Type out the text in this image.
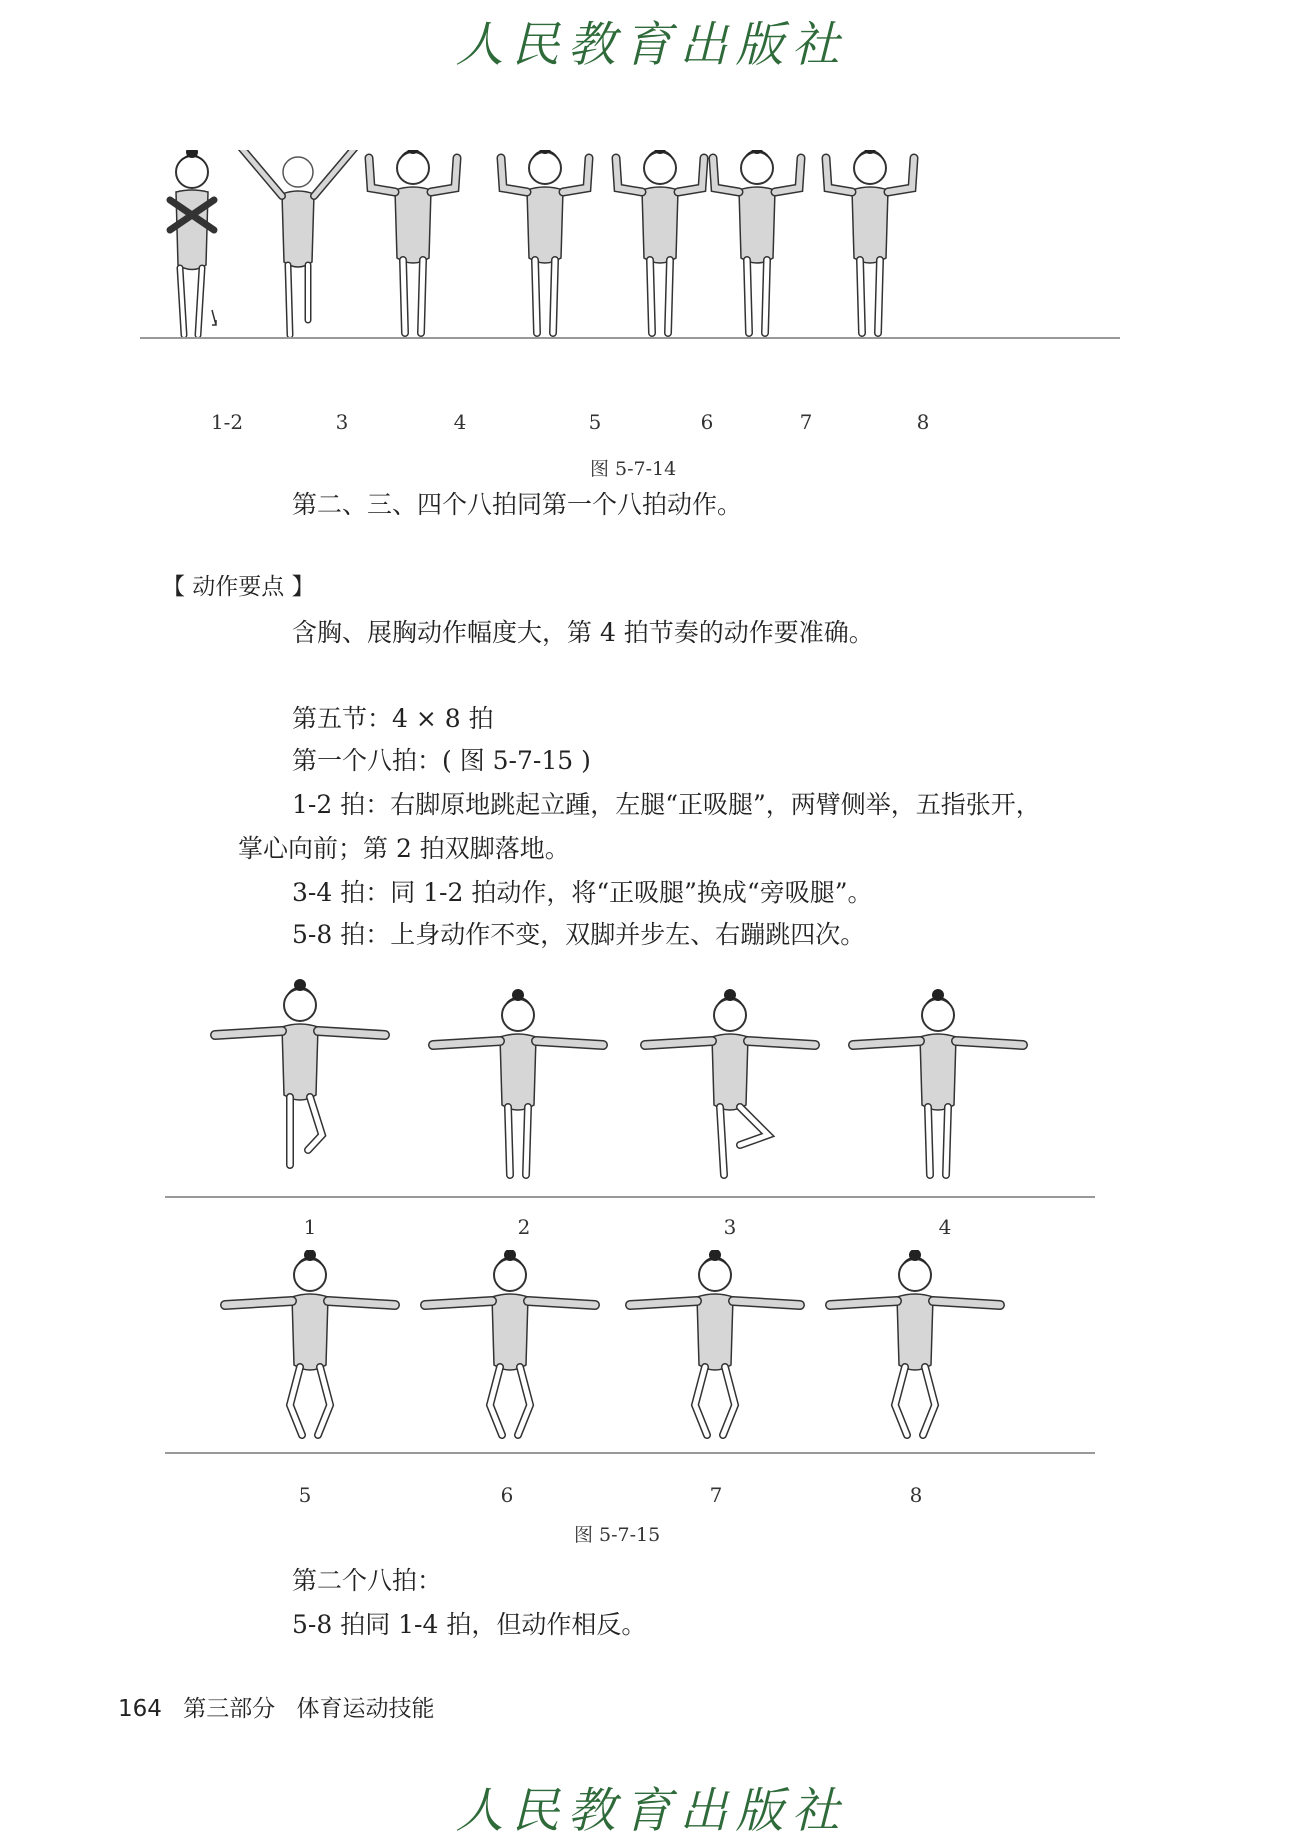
人民教育出版社
1-2	3	4	5	6	7	8
图 5-7-14
第二、三、四个八拍同第一个八拍动作。
【 动作要点 】
含胸、展胸动作幅度大，第 4 拍节奏的动作要准确。
第五节：4 × 8 拍
第一个八拍：( 图 5-7-15 )
1-2 拍：右脚原地跳起立踵，左腿“正吸腿”，两臂侧举，五指张开，
掌心向前；第 2 拍双脚落地。
3-4 拍：同 1-2 拍动作，将“正吸腿”换成“旁吸腿”。
5-8 拍：上身动作不变，双脚并步左、右蹦跳四次。
1	2	3	4
5	6	7	8
图 5-7-15
第二个八拍：
5-8 拍同 1-4 拍，但动作相反。
164 第三部分 体育运动技能
人民教育出版社
